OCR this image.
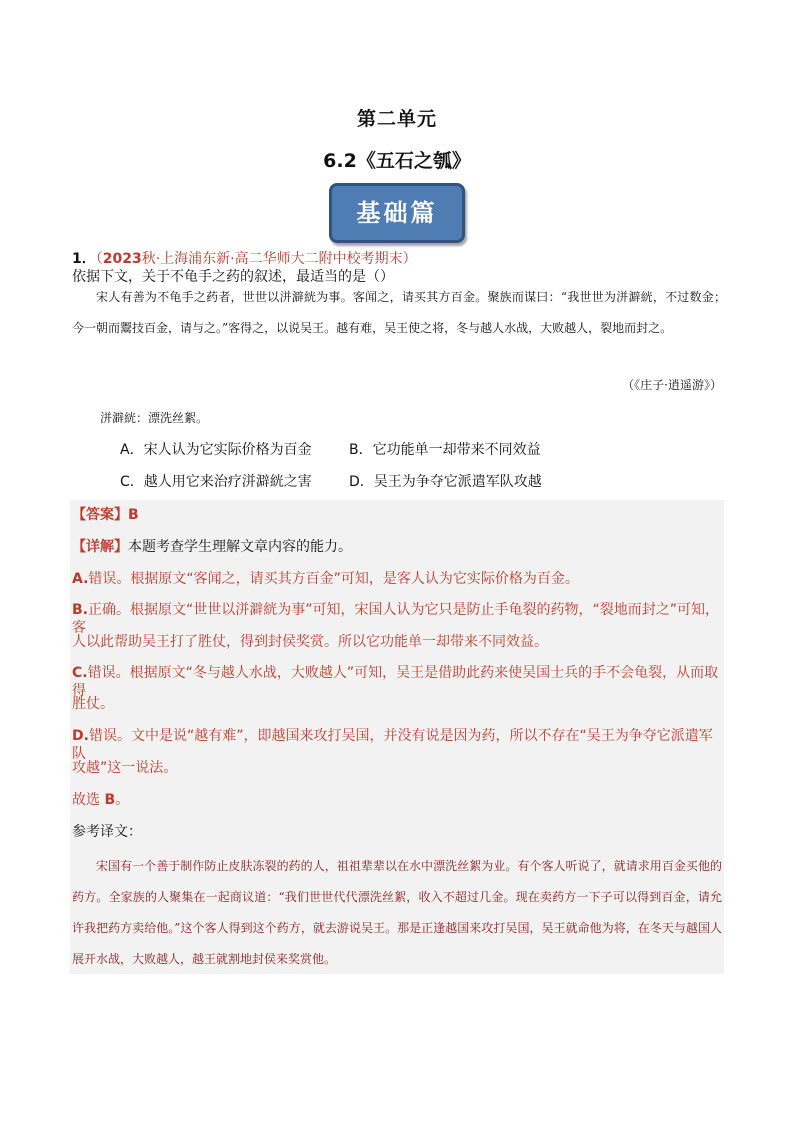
第二单元
6.2《五石之瓠》
基础篇
1．（2023秋·上海浦东新·高二华师大二附中校考期末）依据下文，关于不龟手之药的叙述，最适当的是（）
宋人有善为不龟手之药者，世世以洴澼絖为事。客闻之，请买其方百金。聚族而谋曰：“我世世为洴澼絖，不过数金；今一朝而鬻技百金，请与之。”客得之，以说吴王。越有难，吴王使之将，冬与越人水战，大败越人，裂地而封之。
（《庄子·逍遥游》）
洴澼絖：漂洗丝絮。
A．宋人认为它实际价格为百金	B．它功能单一却带来不同效益
C．越人用它来治疗洴澼絖之害	D．吴王为争夺它派遣军队攻越
【答案】B
【详解】本题考查学生理解文章内容的能力。
A.错误。根据原文“客闻之，请买其方百金”可知，是客人认为它实际价格为百金。
B.正确。根据原文“世世以洴澼絖为事”可知，宋国人认为它只是防止手龟裂的药物，“裂地而封之”可知，客
人以此帮助吴王打了胜仗，得到封侯奖赏。所以它功能单一却带来不同效益。
C.错误。根据原文“冬与越人水战，大败越人”可知，吴王是借助此药来使吴国士兵的手不会龟裂，从而取得
胜仗。
D.错误。文中是说“越有难”，即越国来攻打吴国，并没有说是因为药，所以不存在“吴王为争夺它派遣军队
攻越”这一说法。
故选 B。
参考译文：
宋国有一个善于制作防止皮肤冻裂的药的人，祖祖辈辈以在水中漂洗丝絮为业。有个客人听说了，就请求用百金买他的药方。全家族的人聚集在一起商议道：“我们世世代代漂洗丝絮，收入不超过几金。现在卖药方一下子可以得到百金，请允许我把药方卖给他。”这个客人得到这个药方，就去游说吴王。那是正逢越国来攻打吴国，吴王就命他为将，在冬天与越国人展开水战，大败越人，越王就割地封侯来奖赏他。
